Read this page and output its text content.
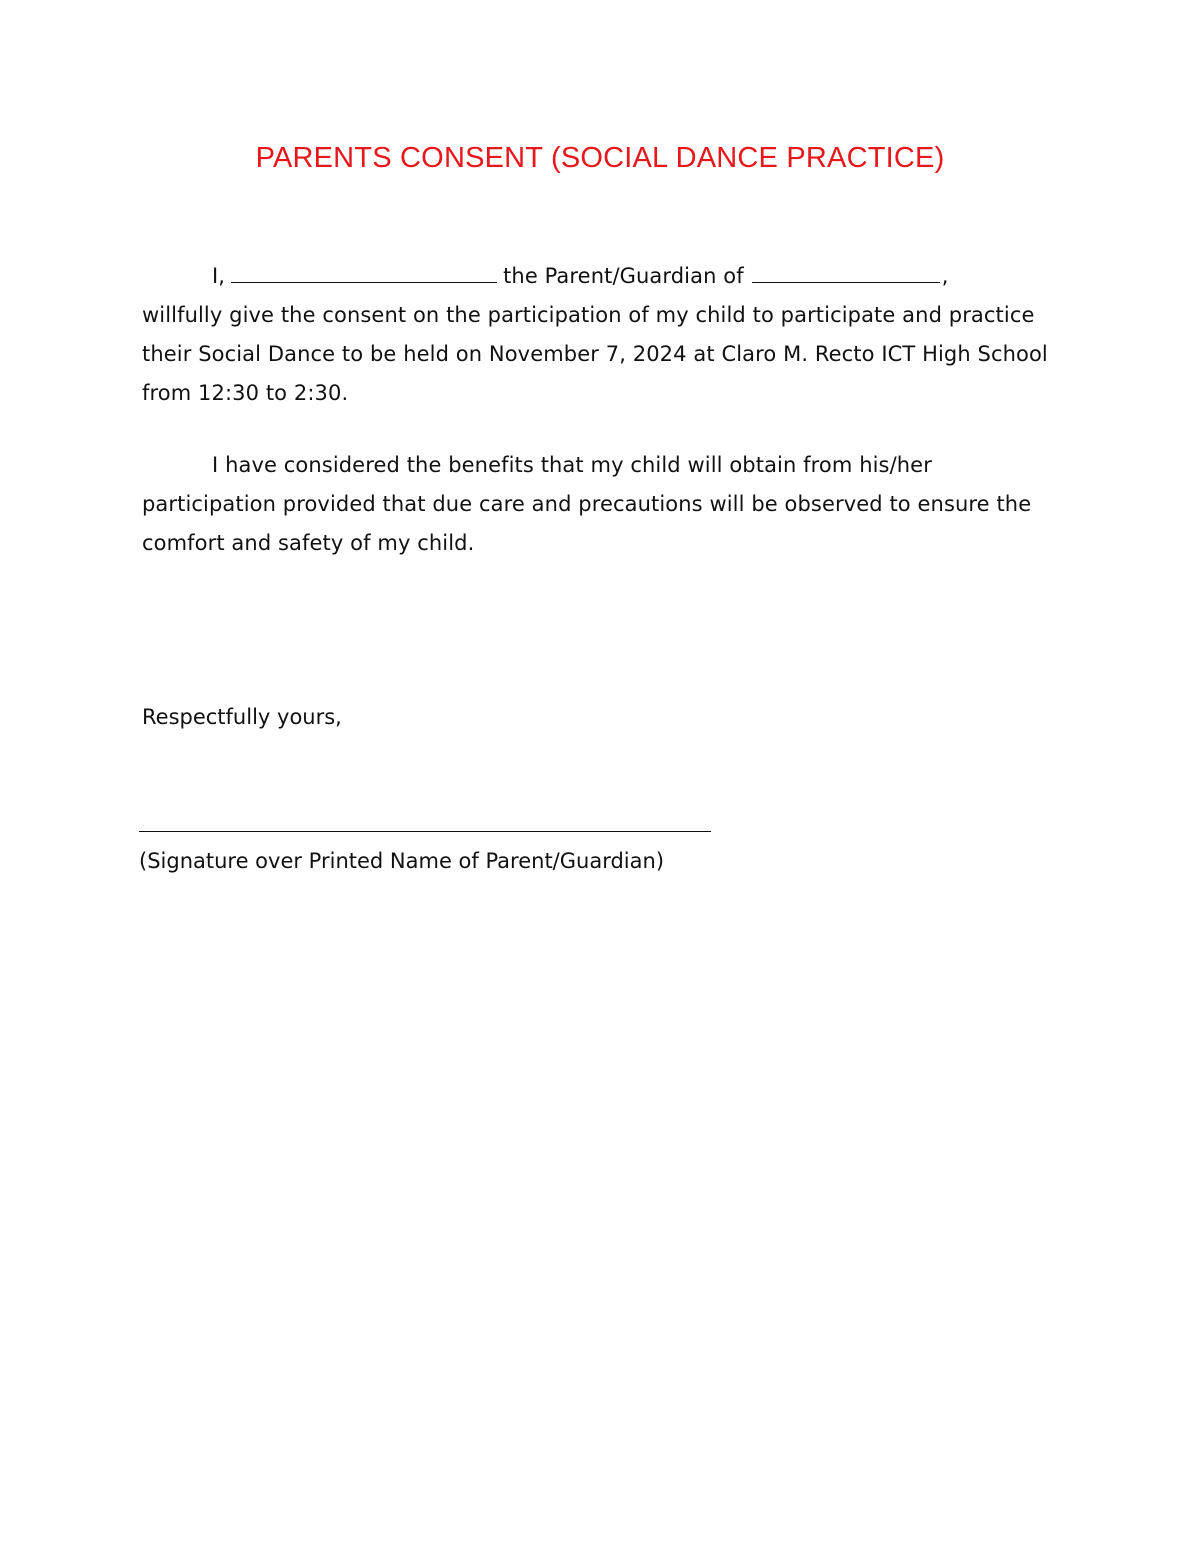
PARENTS CONSENT (SOCIAL DANCE PRACTICE)
I,	the Parent/Guardian of	,
willfully give the consent on the participation of my child to participate and practice their Social Dance to be held on November 7, 2024 at Claro M. Recto ICT High School from 12:30 to 2:30.
I have considered the benefits that my child will obtain from his/her participation provided that due care and precautions will be observed to ensure the comfort and safety of my child.
Respectfully yours,
(Signature over Printed Name of Parent/Guardian)
